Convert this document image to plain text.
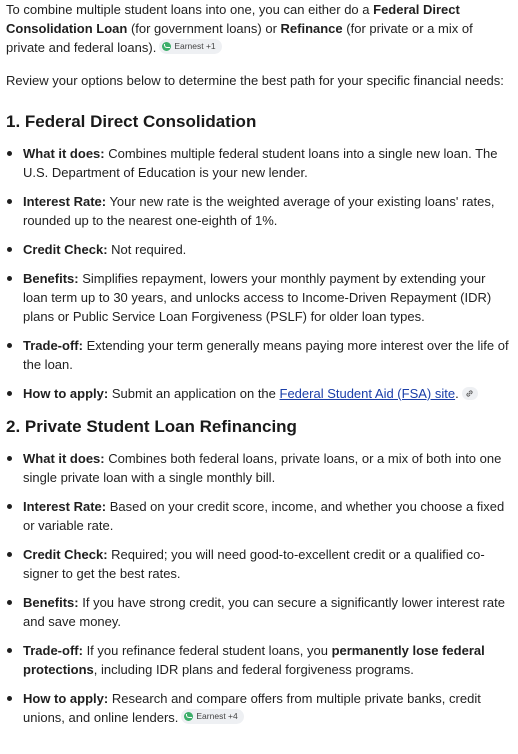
To combine multiple student loans into one, you can either do a Federal Direct Consolidation Loan (for government loans) or Refinance (for private or a mix of private and federal loans). Earnest +1

Review your options below to determine the best path for your specific financial needs:

1. Federal Direct Consolidation
What it does: Combines multiple federal student loans into a single new loan. The U.S. Department of Education is your new lender.
Interest Rate: Your new rate is the weighted average of your existing loans' rates, rounded up to the nearest one-eighth of 1%.
Credit Check: Not required.
Benefits: Simplifies repayment, lowers your monthly payment by extending your loan term up to 30 years, and unlocks access to Income-Driven Repayment (IDR) plans or Public Service Loan Forgiveness (PSLF) for older loan types.
Trade-off: Extending your term generally means paying more interest over the life of the loan.
How to apply: Submit an application on the Federal Student Aid (FSA) site.
2. Private Student Loan Refinancing
What it does: Combines both federal loans, private loans, or a mix of both into one single private loan with a single monthly bill.
Interest Rate: Based on your credit score, income, and whether you choose a fixed or variable rate.
Credit Check: Required; you will need good-to-excellent credit or a qualified co-signer to get the best rates.
Benefits: If you have strong credit, you can secure a significantly lower interest rate and save money.
Trade-off: If you refinance federal student loans, you permanently lose federal protections, including IDR plans and federal forgiveness programs.
How to apply: Research and compare offers from multiple private banks, credit unions, and online lenders. Earnest +4
